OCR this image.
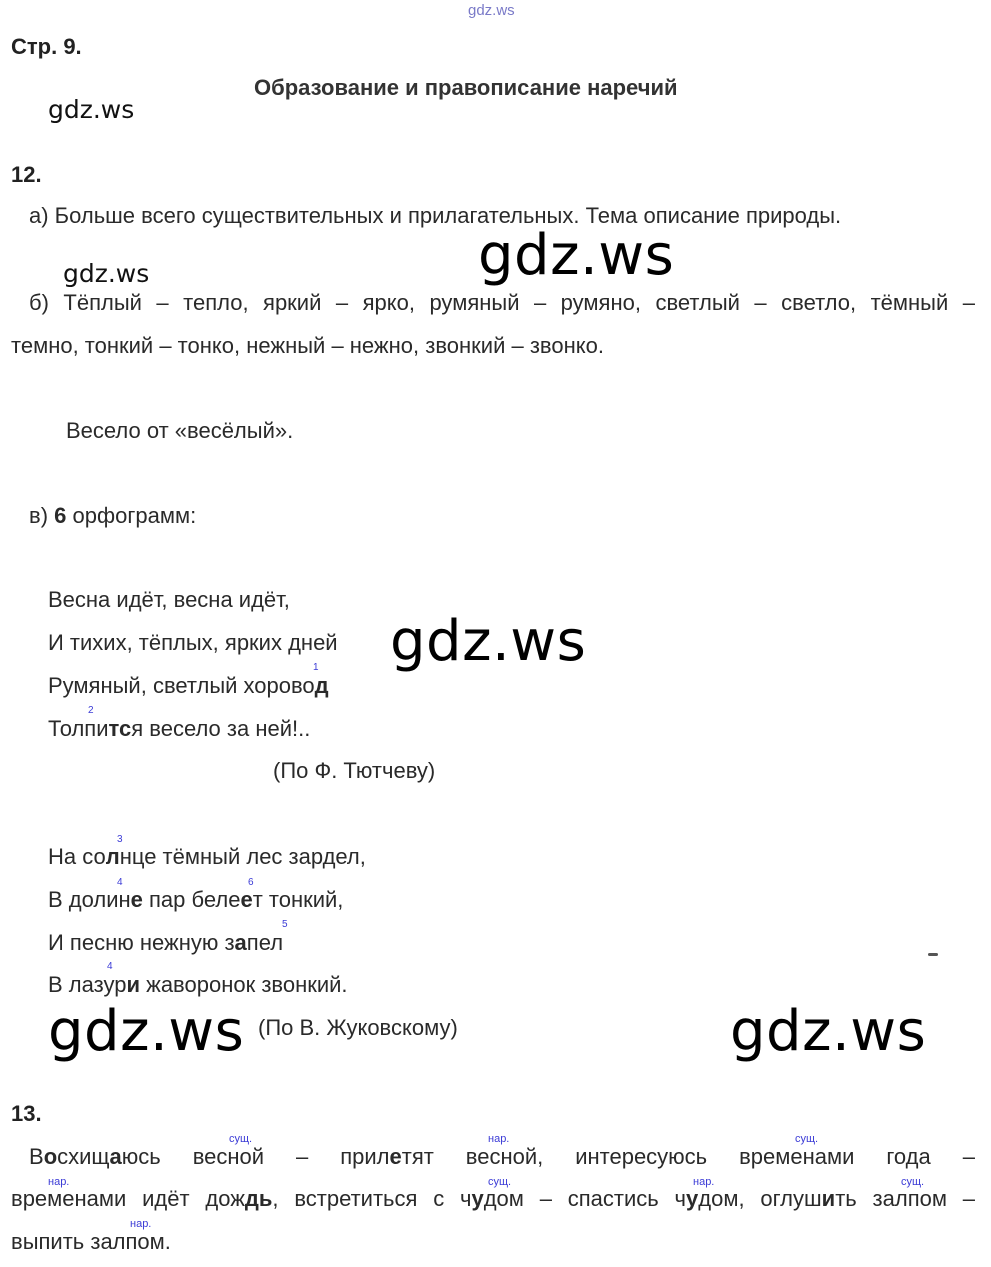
gdz.ws
Стр. 9.
Образование и правописание наречий
gdz.ws
12.
а) Больше всего существительных и прилагательных. Тема описание природы.
gdz.ws
gdz.ws
б) Тёплый – тепло, яркий – ярко, румяный – румяно, светлый – светло, тёмный –
темно, тонкий – тонко, нежный – нежно, звонкий – звонко.
Весело от «весёлый».
в) 6 орфограмм:
Весна идёт, весна идёт,
И тихих, тёплых, ярких дней gdz.ws
1
Румяный, светлый хоровод
2
Толпится весело за ней!..
(По Ф. Тютчеву)
3
На солнце тёмный лес зардел,
4	6
В долине пар белеет тонкий,
5
И песню нежную запел
4
В лазури жаворонок звонкий.
gdz.ws (По В. Жуковскому)	gdz.ws
13.
сущ.	нар.	сущ.
Восхищаюсь весной – прилетят весной, интересуюсь временами года –
нар.	сущ.	нар.	сущ.
временами идёт дождь, встретиться с чудом – спастись чудом, оглушить залпом –
нар.
выпить залпом.
